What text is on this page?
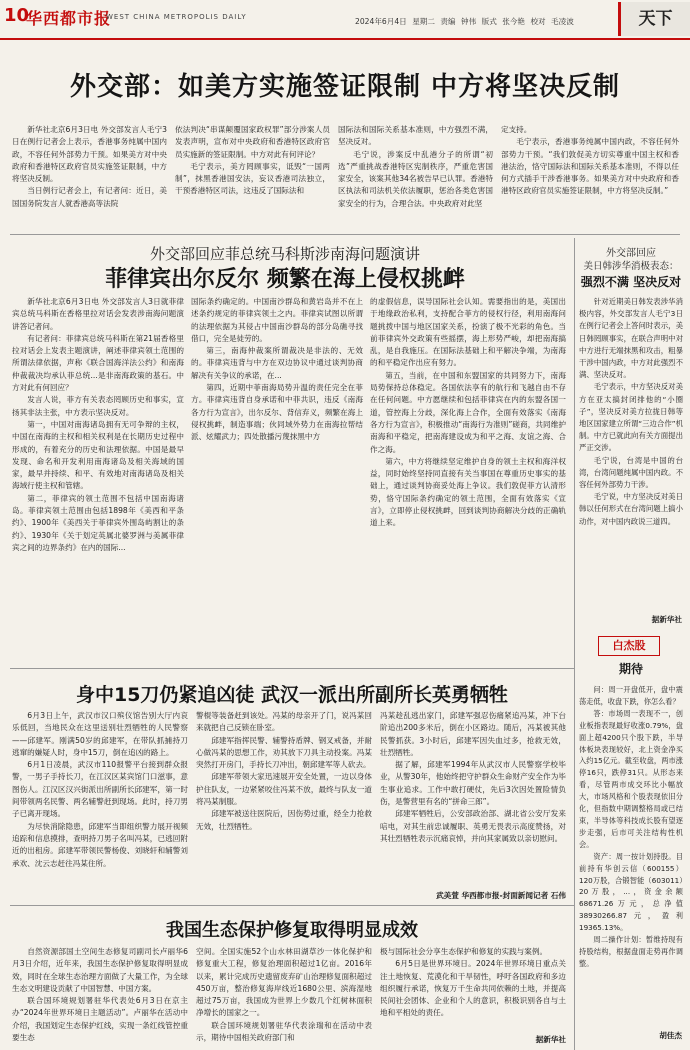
10
华西都市报
WEST CHINA METROPOLIS DAILY	2024年6月4日 星期二 责编 钟伟 版式 张今艳 校对 毛凌波	天下
外交部：如美方实施签证限制 中方将坚决反制

新华社北京6月3日电 外交部发言人毛宁3日在例行记者会上表示，香港事务纯属中国内政，不容任何外部势力干预。如果美方对中央政府和香港特区政府官员实施签证限制，中方将坚决反制。

当日例行记者会上，有记者问：近日，美国国务院发言人就香港高等法院

依法判决“串谋颠覆国家政权罪”部分涉案人员发表声明，宣布对中央政府和香港特区政府官员实施新的签证限制。中方对此有何评论？

毛宁表示，美方罔顾事实，诋毁“一国两制”，抹黑香港国安法，妄议香港司法独立，干预香港特区司法，这违反了国际法和

国际法和国际关系基本准则，中方强烈不满，坚决反对。

毛宁说，涉案反中乱港分子的所谓“初选”严重挑战香港特区宪制秩序，严重危害国家安全，该案其他34名被告早已认罪。香港特区执法和司法机关依法履职，惩治各类危害国家安全的行为，合理合法。中央政府对此坚

定支持。

毛宁表示，香港事务纯属中国内政，不容任何外部势力干预。“我们敦促美方切实尊重中国主权和香港法治，恪守国际法和国际关系基本准则，不得以任何方式插手干涉香港事务。如果美方对中央政府和香港特区政府官员实施签证限制，中方将坚决反制。”

外交部回应菲总统马科斯涉南海问题演讲
菲律宾出尔反尔 频繁在海上侵权挑衅

新华社北京6月3日电 外交部发言人3日就菲律宾总统马科斯在香格里拉对话会发表涉南海问题演讲答记者问。

有记者问：菲律宾总统马科斯在第21届香格里拉对话会上发表主题演讲，阐述菲律宾领土范围的所谓法律依据，声称《联合国海洋法公约》和南海仲裁裁决均承认菲总统...是非南海政策的基石。中方对此有何回应？

发言人说，菲方有关表态罔顾历史和事实，宣扬其非法主张，中方表示坚决反对。

第一，中国对南海诸岛拥有无可争辩的主权，中国在南海的主权和相关权利是在长期历史过程中形成的，有着充分的历史和法理依据。中国是最早发现、命名和开发利用南海诸岛及相关海域的国家，最早并持续、和平、有效地对南海诸岛及相关海域行使主权和管辖。

第二，菲律宾的领土范围不包括中国南海诸岛。菲律宾领土范围由包括1898年《美西和平条约》、1900年《美西关于菲律宾外围岛屿割让的条约》、1930年《关于划定英属北婆罗洲与美属菲律宾之间的边界条约》在内的国际...

国际条约确定的。中国南沙群岛和黄岩岛并不在上述条约规定的菲律宾领土之内。菲律宾试图以所谓的法理依据为其侵占中国南沙群岛的部分岛礁寻找借口，完全是徒劳的。

第三，南海仲裁案所谓裁决是非法的、无效的。菲律宾违背与中方在双边协议中通过谈判协商解决有关争议的承诺，在...

第四，近期中菲南海局势升温的责任完全在菲方。菲律宾违背自身承诺和中菲共识，违反《南海各方行为宣言》，出尔反尔、背信弃义，频繁在海上侵权挑衅，制造事端；伙同域外势力在南海拉帮结派、炫耀武力；四处散播污蔑抹黑中方

的虚假信息，误导国际社会认知。需要指出的是，美国出于地缘政治私利，支持配合菲方的侵权行径，利用南海问题挑拨中国与地区国家关系，扮演了极不光彩的角色。当前菲律宾外交政策有些摇摆，海上形势严峻，却把南海搞乱，是自我施压。在国际法基础上和平解决争端，为南海的和平稳定作出应有努力。

第五，当前，在中国和东盟国家的共同努力下，南海局势保持总体稳定。各国依法享有的航行和飞越自由不存在任何问题。中方愿继续和包括菲律宾在内的东盟各国一道，管控海上分歧，深化海上合作，全面有效落实《南海各方行为宣言》，积极推动“南海行为准则”磋商，共同维护南海和平稳定，把南海建设成为和平之海、友谊之海、合作之海。

第六，中方将继续坚定维护自身的领土主权和海洋权益，同时始终坚持同直接有关当事国在尊重历史事实的基础上，通过谈判协商妥处海上争议。我们敦促菲方认清形势，恪守国际条约确定的领土范围，全面有效落实《宣言》，立即停止侵权挑衅，回到谈判协商解决分歧的正确轨道上来。

外交部回应
美日韩涉华消极表态：
强烈不满 坚决反对

针对近期美日韩发表涉华消极内容，外交部发言人毛宁3日在例行记者会上答问时表示，美日韩罔顾事实，在联合声明中对中方进行无端抹黑和攻击，粗暴干涉中国内政，中方对此强烈不满、坚决反对。

毛宁表示，中方坚决反对美方在亚太搞封闭排他的“小圈子”，坚决反对美方拉拢日韩等地区国家建立所谓“三边合作”机制。中方已就此向有关方面提出严正交涉。

毛宁说，台湾是中国的台湾，台湾问题纯属中国内政。不容任何外部势力干涉。

毛宁说，中方坚决反对美日韩以任何形式在台湾问题上搞小动作，对中国内政说三道四。

据新华社
身中15刀仍紧追凶徒 武汉一派出所副所长英勇牺牲

6月3日上午，武汉市汉口殡仪馆告别大厅内哀乐低回，当地民众在这里送别壮烈牺牲的人民警察——邱建军。刚满50岁的邱建军，在带队抓捕持刀逃窜的嫌疑人时，身中15刀，倒在追凶的路上。

6月1日凌晨，武汉市110报警平台接到群众报警，一男子手持长刀，在江汉区某宾馆门口滋事，意图伤人。江汉区汉兴街派出所副所长邱建军，第一时间带领两名民警、两名辅警赶到现场。此时，持刀男子已离开现场。

为尽快消除隐患，邱建军当即组织警力展开视频追踪和信息摸排，查明持刀男子名叫冯某，已逃回附近的出租房。邱建军带领民警杨俊、刘晓轩和辅警刘承欢、沈云志赶往冯某住所。

警棍等装备赶到该处。冯某的母亲开了门，说冯某回来就把自己反锁在卧室。

邱建军指挥民警、辅警持盾牌、钢叉戒备，并耐心做冯某的思想工作，劝其放下刀具主动投案。冯某突然打开房门，手持长刀冲出，朝邱建军等人砍去。

邱建军带领大家迅速展开安全处置，一边以身体护住队友，一边紧紧咬住冯某不放，最终与队友一道将冯某制服。

邱建军被送往医院后，因伤势过重，经全力抢救无效，壮烈牺牲。

冯某趁乱逃出家门，邱建军强忍伤痛紧追冯某，冲下台阶追出200多米后，倒在小区路边。随后，冯某被其他民警抓获。3小时后，邱建军因失血过多，抢救无效，壮烈牺牲。

据了解，邱建军1994年从武汉市人民警察学校毕业，从警30年，他始终把守护群众生命财产安全作为毕生事业追求。工作中敢打硬仗，先后3次因处置险情负伤，是警营里有名的“拼命三郎”。

邱建军牺牲后，公安部政治部、湖北省公安厅发来唁电，对其生前忠诚履职、英勇无畏表示高度赞扬，对其壮烈牺牲表示沉痛哀悼，并向其家属致以亲切慰问。

武美萱 华西都市报-封面新闻记者 石伟
白杰股
期待

问：周一开盘低开，盘中震荡走低，收盘下跌，你怎么看？

答：市场周一表现不一，创业板指表现最好收涨0.79%，盘面上超4200只个股下跌，半导体板块表现较好，北上资金净买入约15亿元。截至收盘，两市涨停16只，跌停31只。从形态来看，尽管两市成交环比小幅放大，市场风格和个股表现依旧分化，但指数中期调整格局或已结束，半导体等科技成长股有望逐步走强，后市可关注结构性机会。

资产：周一按计划持股。目前持有华创云信（600155）120万股，合锻智能（603011）20万股，...，资金余额68671.26万元，总净值38930266.87元，盈利19365.13%。

周二操作计划：暂维持现有持股结构，根据盘面走势再作调整。

胡佳杰
我国生态保护修复取得明显成效

自然资源部国土空间生态修复司副司长卢丽华6月3日介绍，近年来，我国生态保护修复取得明显成效，同时在全球生态治理方面做了大量工作，为全球生态文明建设贡献了中国智慧、中国方案。

联合国环境规划署驻华代表处6月3日在京主办“2024年世界环境日主题活动”。卢丽华在活动中介绍，我国划定生态保护红线，实现一条红线管控重要生态

空间。全国实施52个山水林田湖草沙一体化保护和修复重大工程，修复治理面积超过1亿亩。2016年以来，累计完成历史遗留废弃矿山治理修复面积超过450万亩，整治修复海岸线近1680公里、滨海湿地超过75万亩，我国成为世界上少数几个红树林面积净增长的国家之一。

联合国环境规划署驻华代表涂瑞和在活动中表示，期待中国相关政府部门和

极与国际社会分享生态保护和修复的实践与案例。

6月5日是世界环境日。2024年世界环境日重点关注土地恢复、荒漠化和干旱韧性，呼吁各国政府和多边组织履行承诺，恢复万千生命共同依赖的土地，并提高民间社会团体、企业和个人的意识，积极识别各自与土地和平相处的责任。

据新华社
